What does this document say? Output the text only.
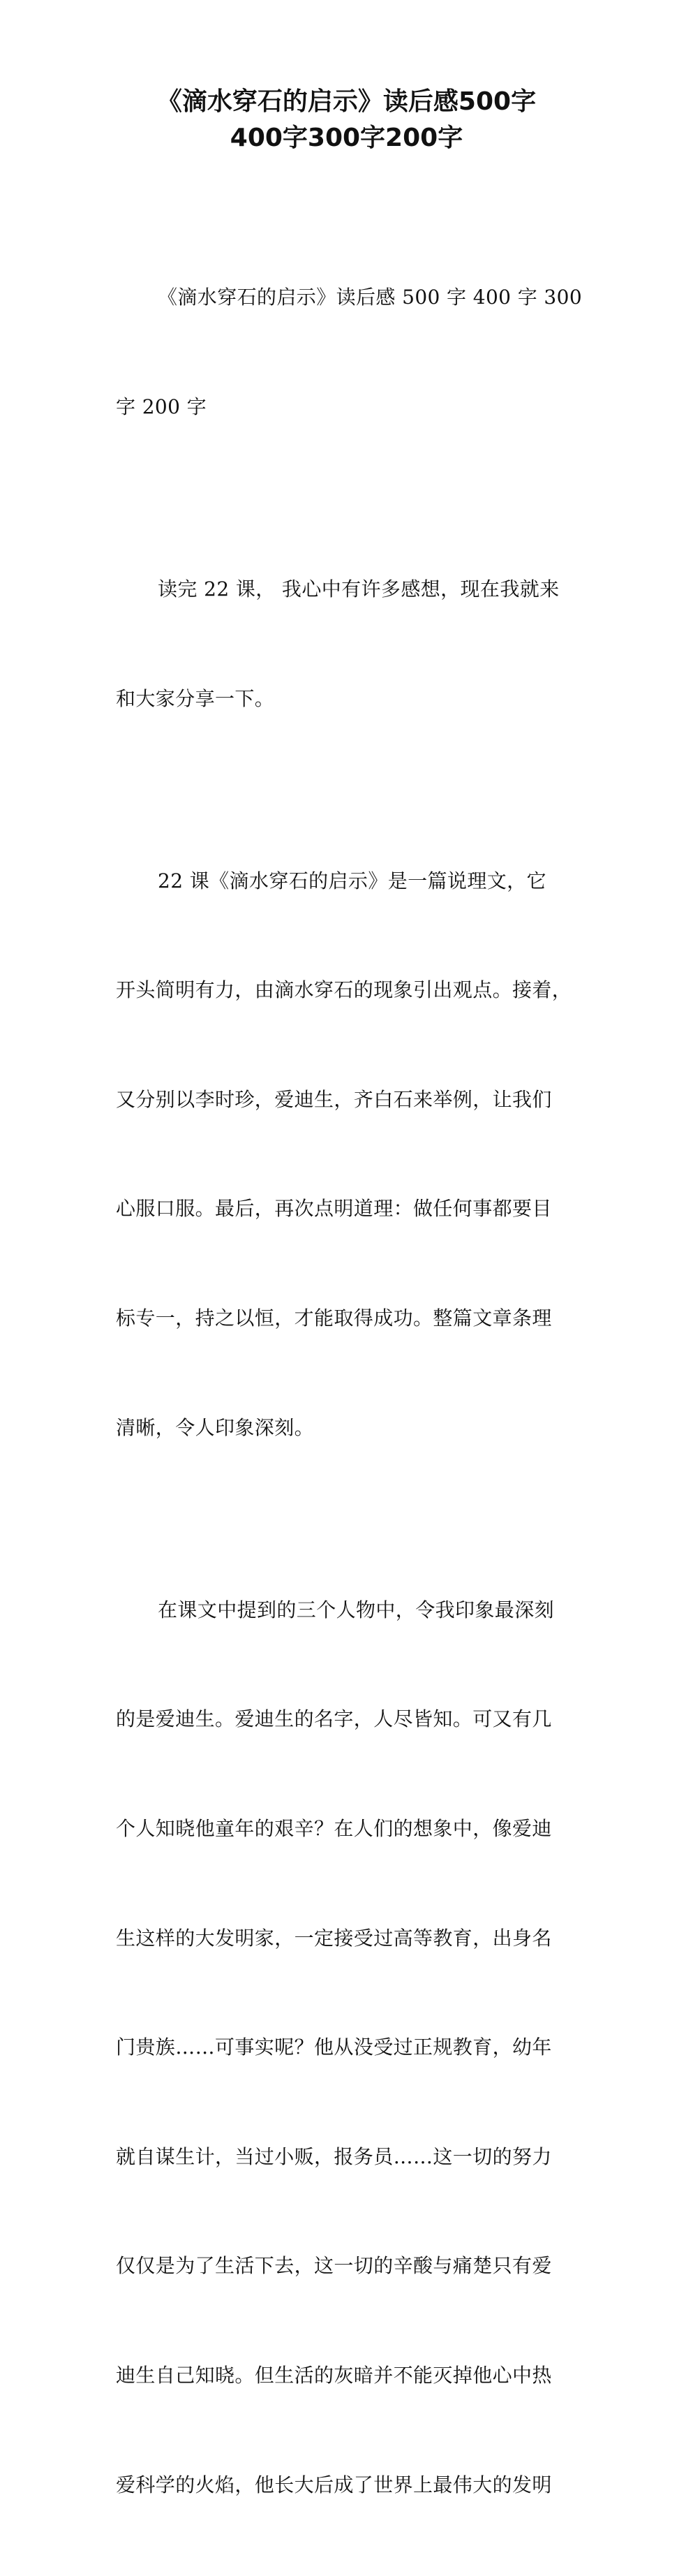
《滴水穿石的启示》读后感500字
400字300字200字

《滴水穿石的启示》读后感 500 字 400 字 300

字 200 字

读完 22 课， 我心中有许多感想，现在我就来

和大家分享一下。

22 课《滴水穿石的启示》是一篇说理文，它

开头简明有力，由滴水穿石的现象引出观点。接着，

又分别以李时珍，爱迪生，齐白石来举例，让我们

心服口服。最后，再次点明道理：做任何事都要目

标专一，持之以恒，才能取得成功。整篇文章条理

清晰，令人印象深刻。

在课文中提到的三个人物中，令我印象最深刻

的是爱迪生。爱迪生的名字，人尽皆知。可又有几

个人知晓他童年的艰辛？在人们的想象中，像爱迪

生这样的大发明家，一定接受过高等教育，出身名

门贵族……可事实呢？他从没受过正规教育，幼年

就自谋生计，当过小贩，报务员……这一切的努力

仅仅是为了生活下去，这一切的辛酸与痛楚只有爱

迪生自己知晓。但生活的灰暗并不能灭掉他心中热

爱科学的火焰，他长大后成了世界上最伟大的发明
